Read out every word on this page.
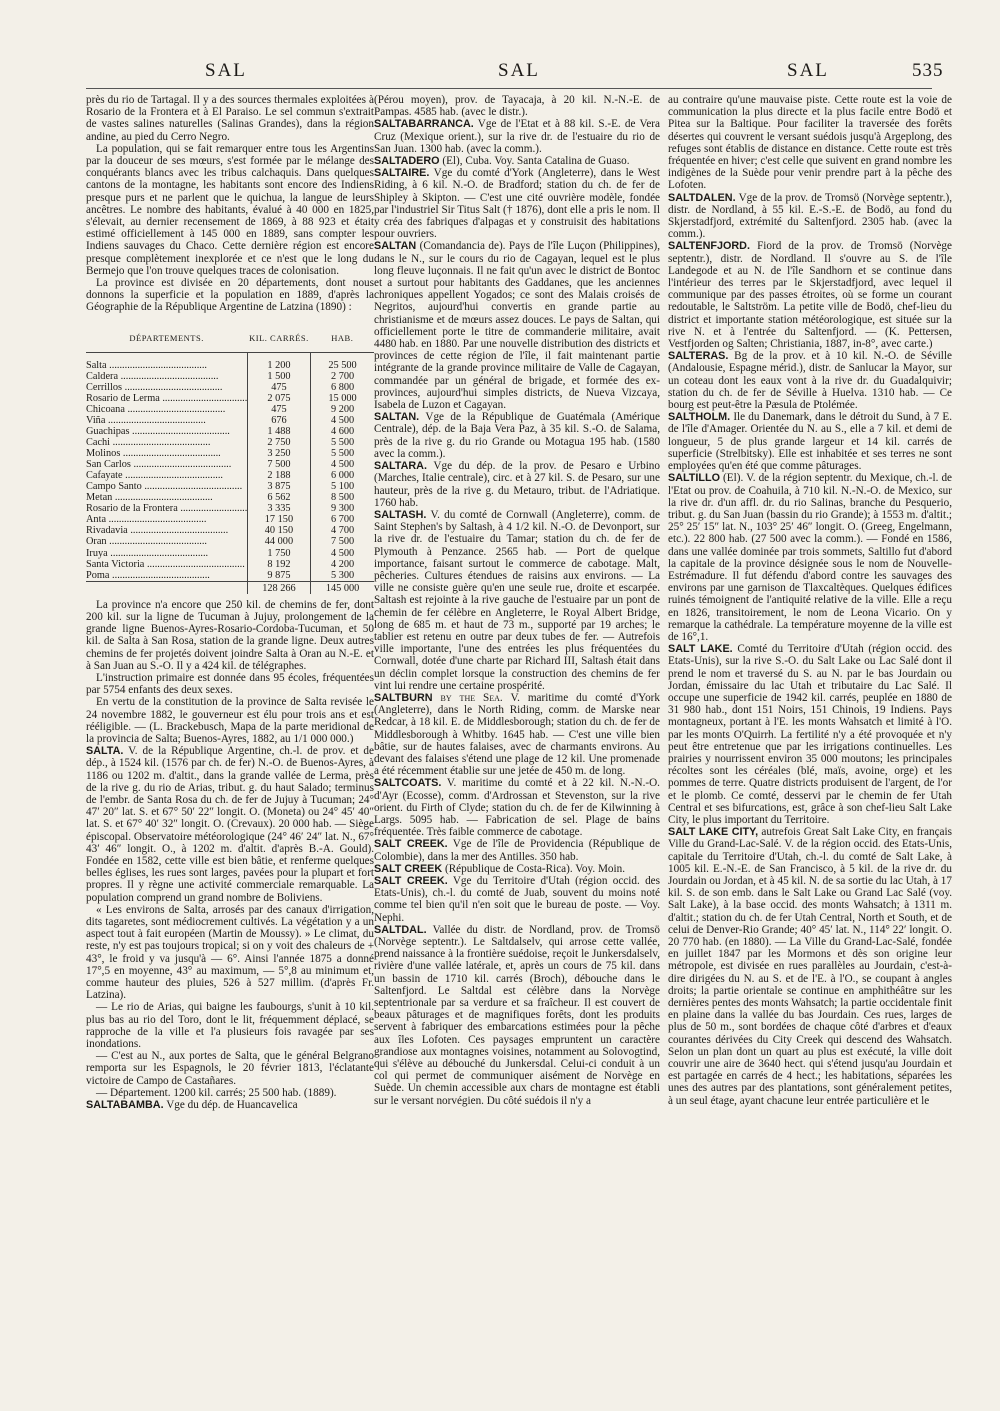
SAL	SAL	SAL	535

près du rio de Tartagal. Il y a des sources thermales exploitées à Rosario de la Frontera et à El Paraiso. Le sel commun s'extrait de vastes salines naturelles (Salinas Grandes), dans la région andine, au pied du Cerro Negro.

La population, qui se fait remarquer entre tous les Argentins par la douceur de ses mœurs, s'est formée par le mélange des conquérants blancs avec les tribus calchaquis. Dans quelques cantons de la montagne, les habitants sont encore des Indiens presque purs et ne parlent que le quichua, la langue de leurs ancêtres. Le nombre des habitants, évalué à 40 000 en 1825, s'élevait, au dernier recensement de 1869, à 88 923 et était estimé officiellement à 145 000 en 1889, sans compter les Indiens sauvages du Chaco. Cette dernière région est encore presque complètement inexplorée et ce n'est que le long du Bermejo que l'on trouve quelques traces de colonisation.

La province est divisée en 20 départements, dont nous donnons la superficie et la population en 1889, d'après la Géographie de la République Argentine de Latzina (1890) :

DÉPARTEMENTS.	KIL. CARRÉS.	HAB.
Salta .....	1 200	25 500
Caldera .....	1 500	2 700
Cerrillos .....	475	6 800
Rosario de Lerma .....	2 075	15 000
Chicoana .....	475	9 200
Viña .....	676	4 500
Guachipas .....	1 488	4 600
Cachi .....	2 750	5 500
Molinos .....	3 250	5 500
San Carlos .....	7 500	4 500
Cafayate .....	2 188	6 000
Campo Santo .....	3 875	5 100
Metan .....	6 562	8 500
Rosario de la Frontera .....	3 335	9 300
Anta .....	17 150	6 700
Rivadavia .....	40 150	4 700
Oran .....	44 000	7 500
Iruya .....	1 750	4 500
Santa Victoria .....	8 192	4 200
Poma .....	9 875	5 300
	128 266	145 000

La province n'a encore que 250 kil. de chemins de fer, dont 200 kil. sur la ligne de Tucuman à Jujuy, prolongement de la grande ligne Buenos-Ayres-Rosario-Cordoba-Tucuman, et 50 kil. de Salta à San Rosa, station de la grande ligne. Deux autres chemins de fer projetés doivent joindre Salta à Oran au N.-E. et à San Juan au S.-O. Il y a 424 kil. de télégraphes.

L'instruction primaire est donnée dans 95 écoles, fréquentées par 5754 enfants des deux sexes.

En vertu de la constitution de la province de Salta revisée le 24 novembre 1882, le gouverneur est élu pour trois ans et est rééligible. — (L. Brackebusch, Mapa de la parte meridional de la provincia de Salta; Buenos-Ayres, 1882, au 1/1 000 000.)

SALTA. V. de la République Argentine, ch.-l. de prov. et de dép., à 1524 kil. (1576 par ch. de fer) N.-O. de Buenos-Ayres, à 1186 ou 1202 m. d'altit., dans la grande vallée de Lerma, près de la rive g. du rio de Arias, tribut. g. du haut Salado; terminus de l'embr. de Santa Rosa du ch. de fer de Jujuy à Tucuman; 24° 47′ 20″ lat. S. et 67° 50′ 22″ longit. O. (Moneta) ou 24° 45′ 40″ lat. S. et 67° 40′ 32″ longit. O. (Crevaux). 20 000 hab. — Siège épiscopal. Observatoire météorologique (24° 46′ 24″ lat. N., 67° 43′ 46″ longit. O., à 1202 m. d'altit. d'après B.-A. Gould). Fondée en 1582, cette ville est bien bâtie, et renferme quelques belles églises, les rues sont larges, pavées pour la plupart et fort propres. Il y règne une activité commerciale remarquable. La population comprend un grand nombre de Boliviens.

« Les environs de Salta, arrosés par des canaux d'irrigation, dits tagaretes, sont médiocrement cultivés. La végétation y a un aspect tout à fait européen (Martin de Moussy). » Le climat, du reste, n'y est pas toujours tropical; si on y voit des chaleurs de + 43°, le froid y va jusqu'à — 6°. Ainsi l'année 1875 a donné 17°,5 en moyenne, 43° au maximum, — 5°,8 au minimum et, comme hauteur des pluies, 526 à 527 millim. (d'après Fr. Latzina).

— Le rio de Arias, qui baigne les faubourgs, s'unit à 10 kil. plus bas au rio del Toro, dont le lit, fréquemment déplacé, se rapproche de la ville et l'a plusieurs fois ravagée par ses inondations.

— C'est au N., aux portes de Salta, que le général Belgrano remporta sur les Espagnols, le 20 février 1813, l'éclatante victoire de Campo de Castañares.

— Département. 1200 kil. carrés; 25 500 hab. (1889).

SALTABAMBA. Vge du dép. de Huancavelica

(Pérou moyen), prov. de Tayacaja, à 20 kil. N.-N.-E. de Pampas. 4585 hab. (avec le distr.).

SALTABARRANCA. Vge de l'Etat et à 88 kil. S.-E. de Vera Cruz (Mexique orient.), sur la rive dr. de l'estuaire du rio de San Juan. 1300 hab. (avec la comm.).

SALTADERO (El), Cuba. Voy. Santa Catalina de Guaso.

SALTAIRE. Vge du comté d'York (Angleterre), dans le West Riding, à 6 kil. N.-O. de Bradford; station du ch. de fer de Shipley à Skipton. — C'est une cité ouvrière modèle, fondée par l'industriel Sir Titus Salt († 1876), dont elle a pris le nom. Il y créa des fabriques d'alpagas et y construisit des habitations pour ouvriers.

SALTAN (Comandancia de). Pays de l'île Luçon (Philippines), dans le N., sur le cours du rio de Cagayan, lequel est le plus long fleuve luçonnais. Il ne fait qu'un avec le district de Bontoc et a surtout pour habitants des Gaddanes, que les anciennes chroniques appellent Yogados; ce sont des Malais croisés de Negritos, aujourd'hui convertis en grande partie au christianisme et de mœurs assez douces. Le pays de Saltan, qui officiellement porte le titre de commanderie militaire, avait 4480 hab. en 1880. Par une nouvelle distribution des districts et provinces de cette région de l'île, il fait maintenant partie intégrante de la grande province militaire de Valle de Cagayan, commandée par un général de brigade, et formée des ex-provinces, aujourd'hui simples districts, de Nueva Vizcaya, Isabela de Luzon et Cagayan.

SALTAN. Vge de la République de Guatémala (Amérique Centrale), dép. de la Baja Vera Paz, à 35 kil. S.-O. de Salama, près de la rive g. du rio Grande ou Motagua 195 hab. (1580 avec la comm.).

SALTARA. Vge du dép. de la prov. de Pesaro e Urbino (Marches, Italie centrale), circ. et à 27 kil. S. de Pesaro, sur une hauteur, près de la rive g. du Metauro, tribut. de l'Adriatique. 1760 hab.

SALTASH. V. du comté de Cornwall (Angleterre), comm. de Saint Stephen's by Saltash, à 4 1/2 kil. N.-O. de Devonport, sur la rive dr. de l'estuaire du Tamar; station du ch. de fer de Plymouth à Penzance. 2565 hab. — Port de quelque importance, faisant surtout le commerce de cabotage. Malt, pêcheries. Cultures étendues de raisins aux environs. — La ville ne consiste guère qu'en une seule rue, droite et escarpée. Saltash est rejointe à la rive gauche de l'estuaire par un pont de chemin de fer célèbre en Angleterre, le Royal Albert Bridge, long de 685 m. et haut de 73 m., supporté par 19 arches; le tablier est retenu en outre par deux tubes de fer. — Autrefois ville importante, l'une des entrées les plus fréquentées du Cornwall, dotée d'une charte par Richard III, Saltash était dans un déclin complet lorsque la construction des chemins de fer vint lui rendre une certaine prospérité.

SALTBURN by the Sea. V. maritime du comté d'York (Angleterre), dans le North Riding, comm. de Marske near Redcar, à 18 kil. E. de Middlesborough; station du ch. de fer de Middlesborough à Whitby. 1645 hab. — C'est une ville bien bâtie, sur de hautes falaises, avec de charmants environs. Au devant des falaises s'étend une plage de 12 kil. Une promenade a été récemment établie sur une jetée de 450 m. de long.

SALTCOATS. V. maritime du comté et à 22 kil. N.-N.-O. d'Ayr (Ecosse), comm. d'Ardrossan et Stevenston, sur la rive orient. du Firth of Clyde; station du ch. de fer de Kilwinning à Largs. 5095 hab. — Fabrication de sel. Plage de bains fréquentée. Très faible commerce de cabotage.

SALT CREEK. Vge de l'île de Providencia (République de Colombie), dans la mer des Antilles. 350 hab.

SALT CREEK (République de Costa-Rica). Voy. Moin.

SALT CREEK. Vge du Territoire d'Utah (région occid. des Etats-Unis), ch.-l. du comté de Juab, souvent du moins noté comme tel bien qu'il n'en soit que le bureau de poste. — Voy. Nephi.

SALTDAL. Vallée du distr. de Nordland, prov. de Tromsö (Norvège septentr.). Le Saltdalselv, qui arrose cette vallée, prend naissance à la frontière suédoise, reçoit le Junkersdalselv, rivière d'une vallée latérale, et, après un cours de 75 kil. dans un bassin de 1710 kil. carrés (Broch), débouche dans le Saltenfjord. Le Saltdal est célèbre dans la Norvège septentrionale par sa verdure et sa fraîcheur. Il est couvert de beaux pâturages et de magnifiques forêts, dont les produits servent à fabriquer des embarcations estimées pour la pêche aux îles Lofoten. Ces paysages empruntent un caractère grandiose aux montagnes voisines, notamment au Solovogtind, qui s'élève au débouché du Junkersdal. Celui-ci conduit à un col qui permet de communiquer aisément de Norvège en Suède. Un chemin accessible aux chars de montagne est établi sur le versant norvégien. Du côté suédois il n'y a

au contraire qu'une mauvaise piste. Cette route est la voie de communication la plus directe et la plus facile entre Bodö et Pitea sur la Baltique. Pour faciliter la traversée des forêts désertes qui couvrent le versant suédois jusqu'à Argeplong, des refuges sont établis de distance en distance. Cette route est très fréquentée en hiver; c'est celle que suivent en grand nombre les indigènes de la Suède pour venir prendre part à la pêche des Lofoten.

SALTDALEN. Vge de la prov. de Tromsö (Norvège septentr.), distr. de Nordland, à 55 kil. E.-S.-E. de Bodö, au fond du Skjerstadfjord, extrémité du Saltenfjord. 2305 hab. (avec la comm.).

SALTENFJORD. Fiord de la prov. de Tromsö (Norvège septentr.), distr. de Nordland. Il s'ouvre au S. de l'île Landegode et au N. de l'île Sandhorn et se continue dans l'intérieur des terres par le Skjerstadfjord, avec lequel il communique par des passes étroites, où se forme un courant redoutable, le Saltström. La petite ville de Bodö, chef-lieu du district et importante station météorologique, est située sur la rive N. et à l'entrée du Saltenfjord. — (K. Pettersen, Vestfjorden og Salten; Christiania, 1887, in-8°, avec carte.)

SALTERAS. Bg de la prov. et à 10 kil. N.-O. de Séville (Andalousie, Espagne mérid.), distr. de Sanlucar la Mayor, sur un coteau dont les eaux vont à la rive dr. du Guadalquivir; station du ch. de fer de Séville à Huelva. 1310 hab. — Ce bourg est peut-être la Pæsula de Ptolémée.

SALTHOLM. Ile du Danemark, dans le détroit du Sund, à 7 E. de l'île d'Amager. Orientée du N. au S., elle a 7 kil. et demi de longueur, 5 de plus grande largeur et 14 kil. carrés de superficie (Strelbitsky). Elle est inhabitée et ses terres ne sont employées qu'en été que comme pâturages.

SALTILLO (El). V. de la région septentr. du Mexique, ch.-l. de l'Etat ou prov. de Coahuila, à 710 kil. N.-N.-O. de Mexico, sur la rive dr. d'un affl. dr. du rio Salinas, branche du Pesquerio, tribut. g. du San Juan (bassin du rio Grande); à 1553 m. d'altit.; 25° 25′ 15″ lat. N., 103° 25′ 46″ longit. O. (Greeg, Engelmann, etc.). 22 800 hab. (27 500 avec la comm.). — Fondé en 1586, dans une vallée dominée par trois sommets, Saltillo fut d'abord la capitale de la province désignée sous le nom de Nouvelle-Estrémadure. Il fut défendu d'abord contre les sauvages des environs par une garnison de Tlaxcaltèques. Quelques édifices ruinés témoignent de l'antiquité relative de la ville. Elle a reçu en 1826, transitoirement, le nom de Leona Vicario. On y remarque la cathédrale. La température moyenne de la ville est de 16°,1.

SALT LAKE. Comté du Territoire d'Utah (région occid. des Etats-Unis), sur la rive S.-O. du Salt Lake ou Lac Salé dont il prend le nom et traversé du S. au N. par le bas Jourdain ou Jordan, émissaire du lac Utah et tributaire du Lac Salé. Il occupe une superficie de 1942 kil. carrés, peuplée en 1880 de 31 980 hab., dont 151 Noirs, 151 Chinois, 19 Indiens. Pays montagneux, portant à l'E. les monts Wahsatch et limité à l'O. par les monts O'Quirrh. La fertilité n'y a été provoquée et n'y peut être entretenue que par les irrigations continuelles. Les prairies y nourrissent environ 35 000 moutons; les principales récoltes sont les céréales (blé, maïs, avoine, orge) et les pommes de terre. Quatre districts produisent de l'argent, de l'or et le plomb. Ce comté, desservi par le chemin de fer Utah Central et ses bifurcations, est, grâce à son chef-lieu Salt Lake City, le plus important du Territoire.

SALT LAKE CITY, autrefois Great Salt Lake City, en français Ville du Grand-Lac-Salé. V. de la région occid. des Etats-Unis, capitale du Territoire d'Utah, ch.-l. du comté de Salt Lake, à 1005 kil. E.-N.-E. de San Francisco, à 5 kil. de la rive dr. du Jourdain ou Jordan, et à 45 kil. N. de sa sortie du lac Utah, à 17 kil. S. de son emb. dans le Salt Lake ou Grand Lac Salé (voy. Salt Lake), à la base occid. des monts Wahsatch; à 1311 m. d'altit.; station du ch. de fer Utah Central, North et South, et de celui de Denver-Rio Grande; 40° 45′ lat. N., 114° 22′ longit. O. 20 770 hab. (en 1880). — La Ville du Grand-Lac-Salé, fondée en juillet 1847 par les Mormons et dès son origine leur métropole, est divisée en rues parallèles au Jourdain, c'est-à-dire dirigées du N. au S. et de l'E. à l'O., se coupant à angles droits; la partie orientale se continue en amphithéâtre sur les dernières pentes des monts Wahsatch; la partie occidentale finit en plaine dans la vallée du bas Jourdain. Ces rues, larges de plus de 50 m., sont bordées de chaque côté d'arbres et d'eaux courantes dérivées du City Creek qui descend des Wahsatch. Selon un plan dont un quart au plus est exécuté, la ville doit couvrir une aire de 3640 hect. qui s'étend jusqu'au Jourdain et est partagée en carrés de 4 hect.; les habitations, séparées les unes des autres par des plantations, sont généralement petites, à un seul étage, ayant chacune leur entrée particulière et le
